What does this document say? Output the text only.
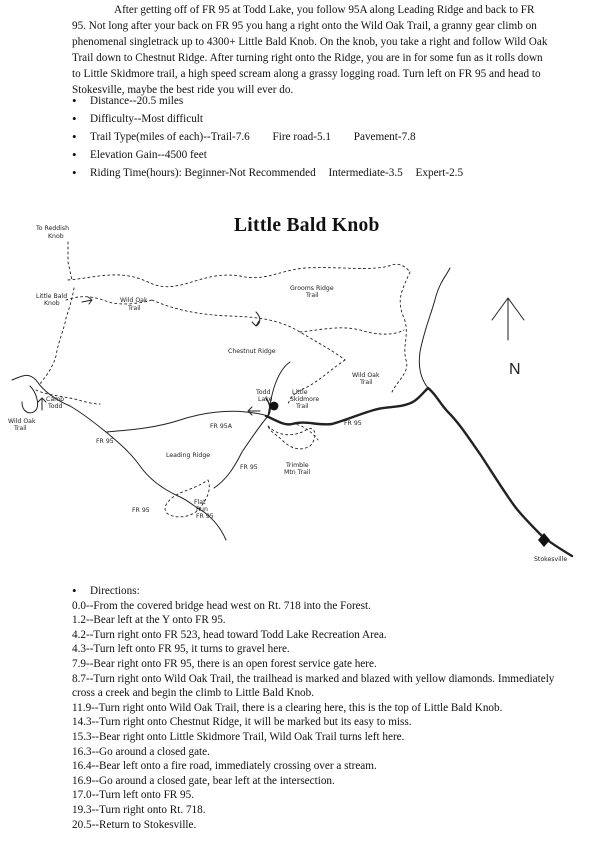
After getting off of FR 95 at Todd Lake, you follow 95A along Leading Ridge and back to FR 95. Not long after your back on FR 95 you hang a right onto the Wild Oak Trail, a granny gear climb on phenomenal singletrack up to 4300+ Little Bald Knob. On the knob, you take a right and follow Wild Oak Trail down to Chestnut Ridge. After turning right onto the Ridge, you are in for some fun as it rolls down to Little Skidmore trail, a high speed scream along a grassy logging road. Turn left on FR 95 and head to Stokesville, maybe the best ride you will ever do.

• Distance--20.5 miles
• Difficulty--Most difficult
• Trail Type(miles of each)--Trail-7.6 Fire road-5.1 Pavement-7.8
• Elevation Gain--4500 feet
• Riding Time(hours): Beginner-Not Recommended Intermediate-3.5 Expert-2.5
Little Bald Knob
To Reddish
Knob
Little Bald
Knob	Wild Oak
Trail
Grooms Ridge
Trail
Chestnut Ridge
Wild Oak
Trail
Todd
Lake
Little
Skidmore
Trail
Camp
Todd
Wild Oak
Trail
FR 95
FR 95A	FR 95
Leading Ridge
FR 95	Trimble
Mtn Trail
Flat
Run
FR 95
FR 95
Stokesville
N
• Directions:

0.0--From the covered bridge head west on Rt. 718 into the Forest.

1.2--Bear left at the Y onto FR 95.

4.2--Turn right onto FR 523, head toward Todd Lake Recreation Area.

4.3--Turn left onto FR 95, it turns to gravel here.

7.9--Bear right onto FR 95, there is an open forest service gate here.

8.7--Turn right onto Wild Oak Trail, the trailhead is marked and blazed with yellow diamonds. Immediately cross a creek and begin the climb to Little Bald Knob.

11.9--Turn right onto Wild Oak Trail, there is a clearing here, this is the top of Little Bald Knob.

14.3--Turn right onto Chestnut Ridge, it will be marked but its easy to miss.

15.3--Bear right onto Little Skidmore Trail, Wild Oak Trail turns left here.

16.3--Go around a closed gate.

16.4--Bear left onto a fire road, immediately crossing over a stream.

16.9--Go around a closed gate, bear left at the intersection.

17.0--Turn left onto FR 95.

19.3--Turn right onto Rt. 718.

20.5--Return to Stokesville.
